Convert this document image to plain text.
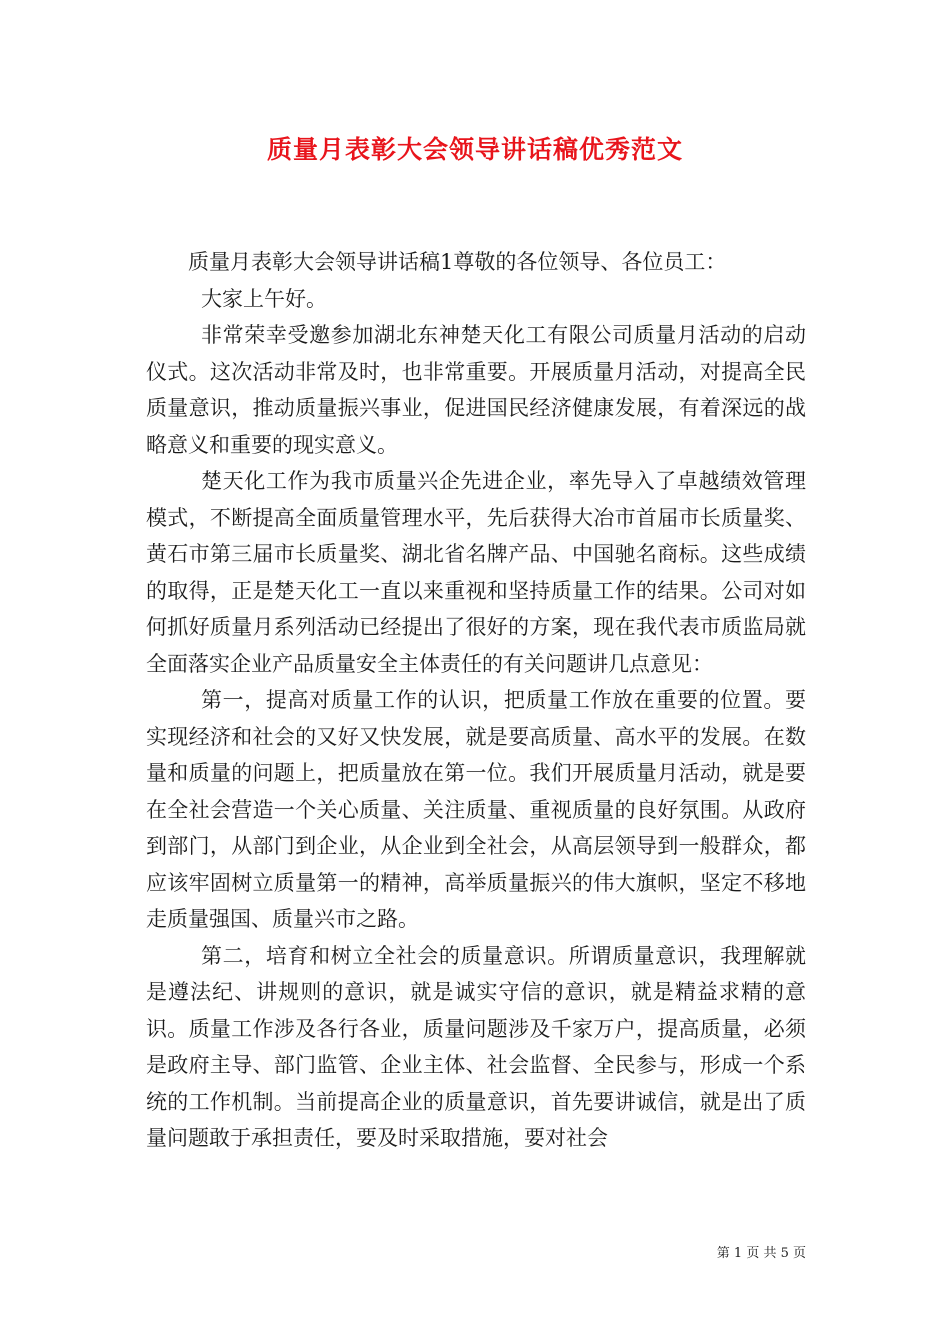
质量月表彰大会领导讲话稿优秀范文

质量月表彰大会领导讲话稿1尊敬的各位领导、各位员工：

大家上午好。

非常荣幸受邀参加湖北东神楚天化工有限公司质量月活动的启动仪式。这次活动非常及时，也非常重要。开展质量月活动，对提高全民质量意识，推动质量振兴事业，促进国民经济健康发展，有着深远的战略意义和重要的现实意义。

楚天化工作为我市质量兴企先进企业，率先导入了卓越绩效管理模式，不断提高全面质量管理水平，先后获得大冶市首届市长质量奖、黄石市第三届市长质量奖、湖北省名牌产品、中国驰名商标。这些成绩的取得，正是楚天化工一直以来重视和坚持质量工作的结果。公司对如何抓好质量月系列活动已经提出了很好的方案，现在我代表市质监局就全面落实企业产品质量安全主体责任的有关问题讲几点意见：

第一，提高对质量工作的认识，把质量工作放在重要的位置。要实现经济和社会的又好又快发展，就是要高质量、高水平的发展。在数量和质量的问题上，把质量放在第一位。我们开展质量月活动，就是要在全社会营造一个关心质量、关注质量、重视质量的良好氛围。从政府到部门，从部门到企业，从企业到全社会，从高层领导到一般群众，都应该牢固树立质量第一的精神，高举质量振兴的伟大旗帜，坚定不移地走质量强国、质量兴市之路。

第二，培育和树立全社会的质量意识。所谓质量意识，我理解就是遵法纪、讲规则的意识，就是诚实守信的意识，就是精益求精的意识。质量工作涉及各行各业，质量问题涉及千家万户，提高质量，必须是政府主导、部门监管、企业主体、社会监督、全民参与，形成一个系统的工作机制。当前提高企业的质量意识，首先要讲诚信，就是出了质量问题敢于承担责任，要及时采取措施，要对社会

第 1 页 共 5 页
